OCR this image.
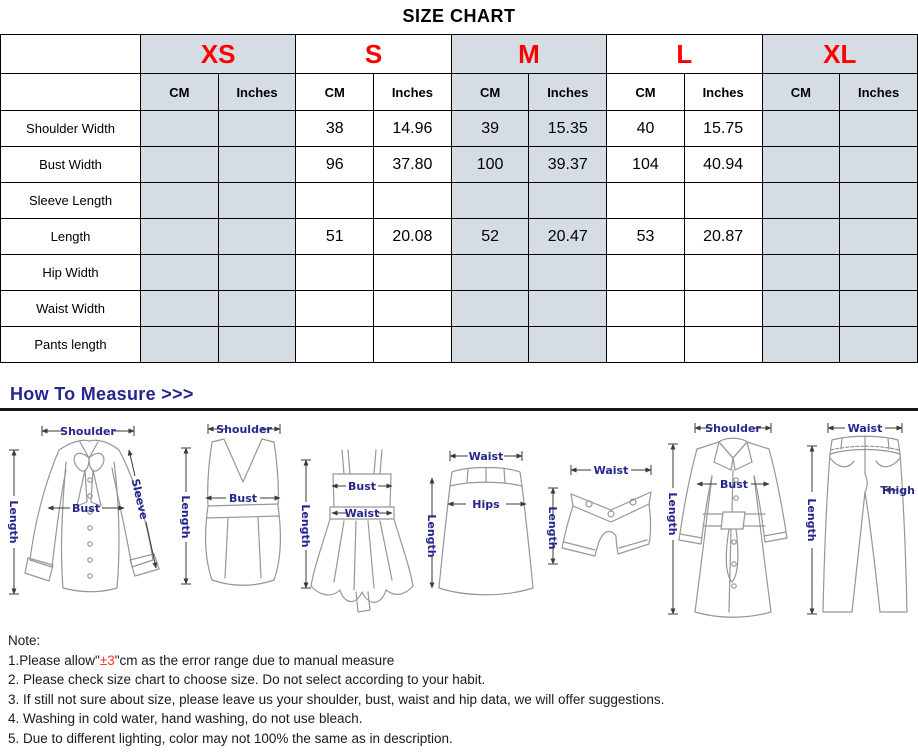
SIZE CHART
	XS		S		M		L		XL	
	CM	Inches	CM	Inches	CM	Inches	CM	Inches	CM	Inches
Shoulder Width			38	14.96	39	15.35	40	15.75		
Bust Width			96	37.80	100	39.37	104	40.94		
Sleeve Length										
Length			51	20.08	52	20.47	53	20.87		
Hip Width										
Waist Width										
Pants length										
How To Measure >>>
Shoulder
Length	Bust	Sleeve
Shoulder
Length	Bust
Length
Bust
Waist
Waist
Length
Hips
Waist
Length
Shoulder
Length
Bust
Waist
Length
Thigh
Note:
1.Please allow"±3"cm as the error range due to manual measure
2. Please check size chart to choose size. Do not select according to your habit.
3. If still not sure about size, please leave us your shoulder, bust, waist and hip data, we will offer suggestions.
4. Washing in cold water, hand washing, do not use bleach.
5. Due to different lighting, color may not 100% the same as in description.
